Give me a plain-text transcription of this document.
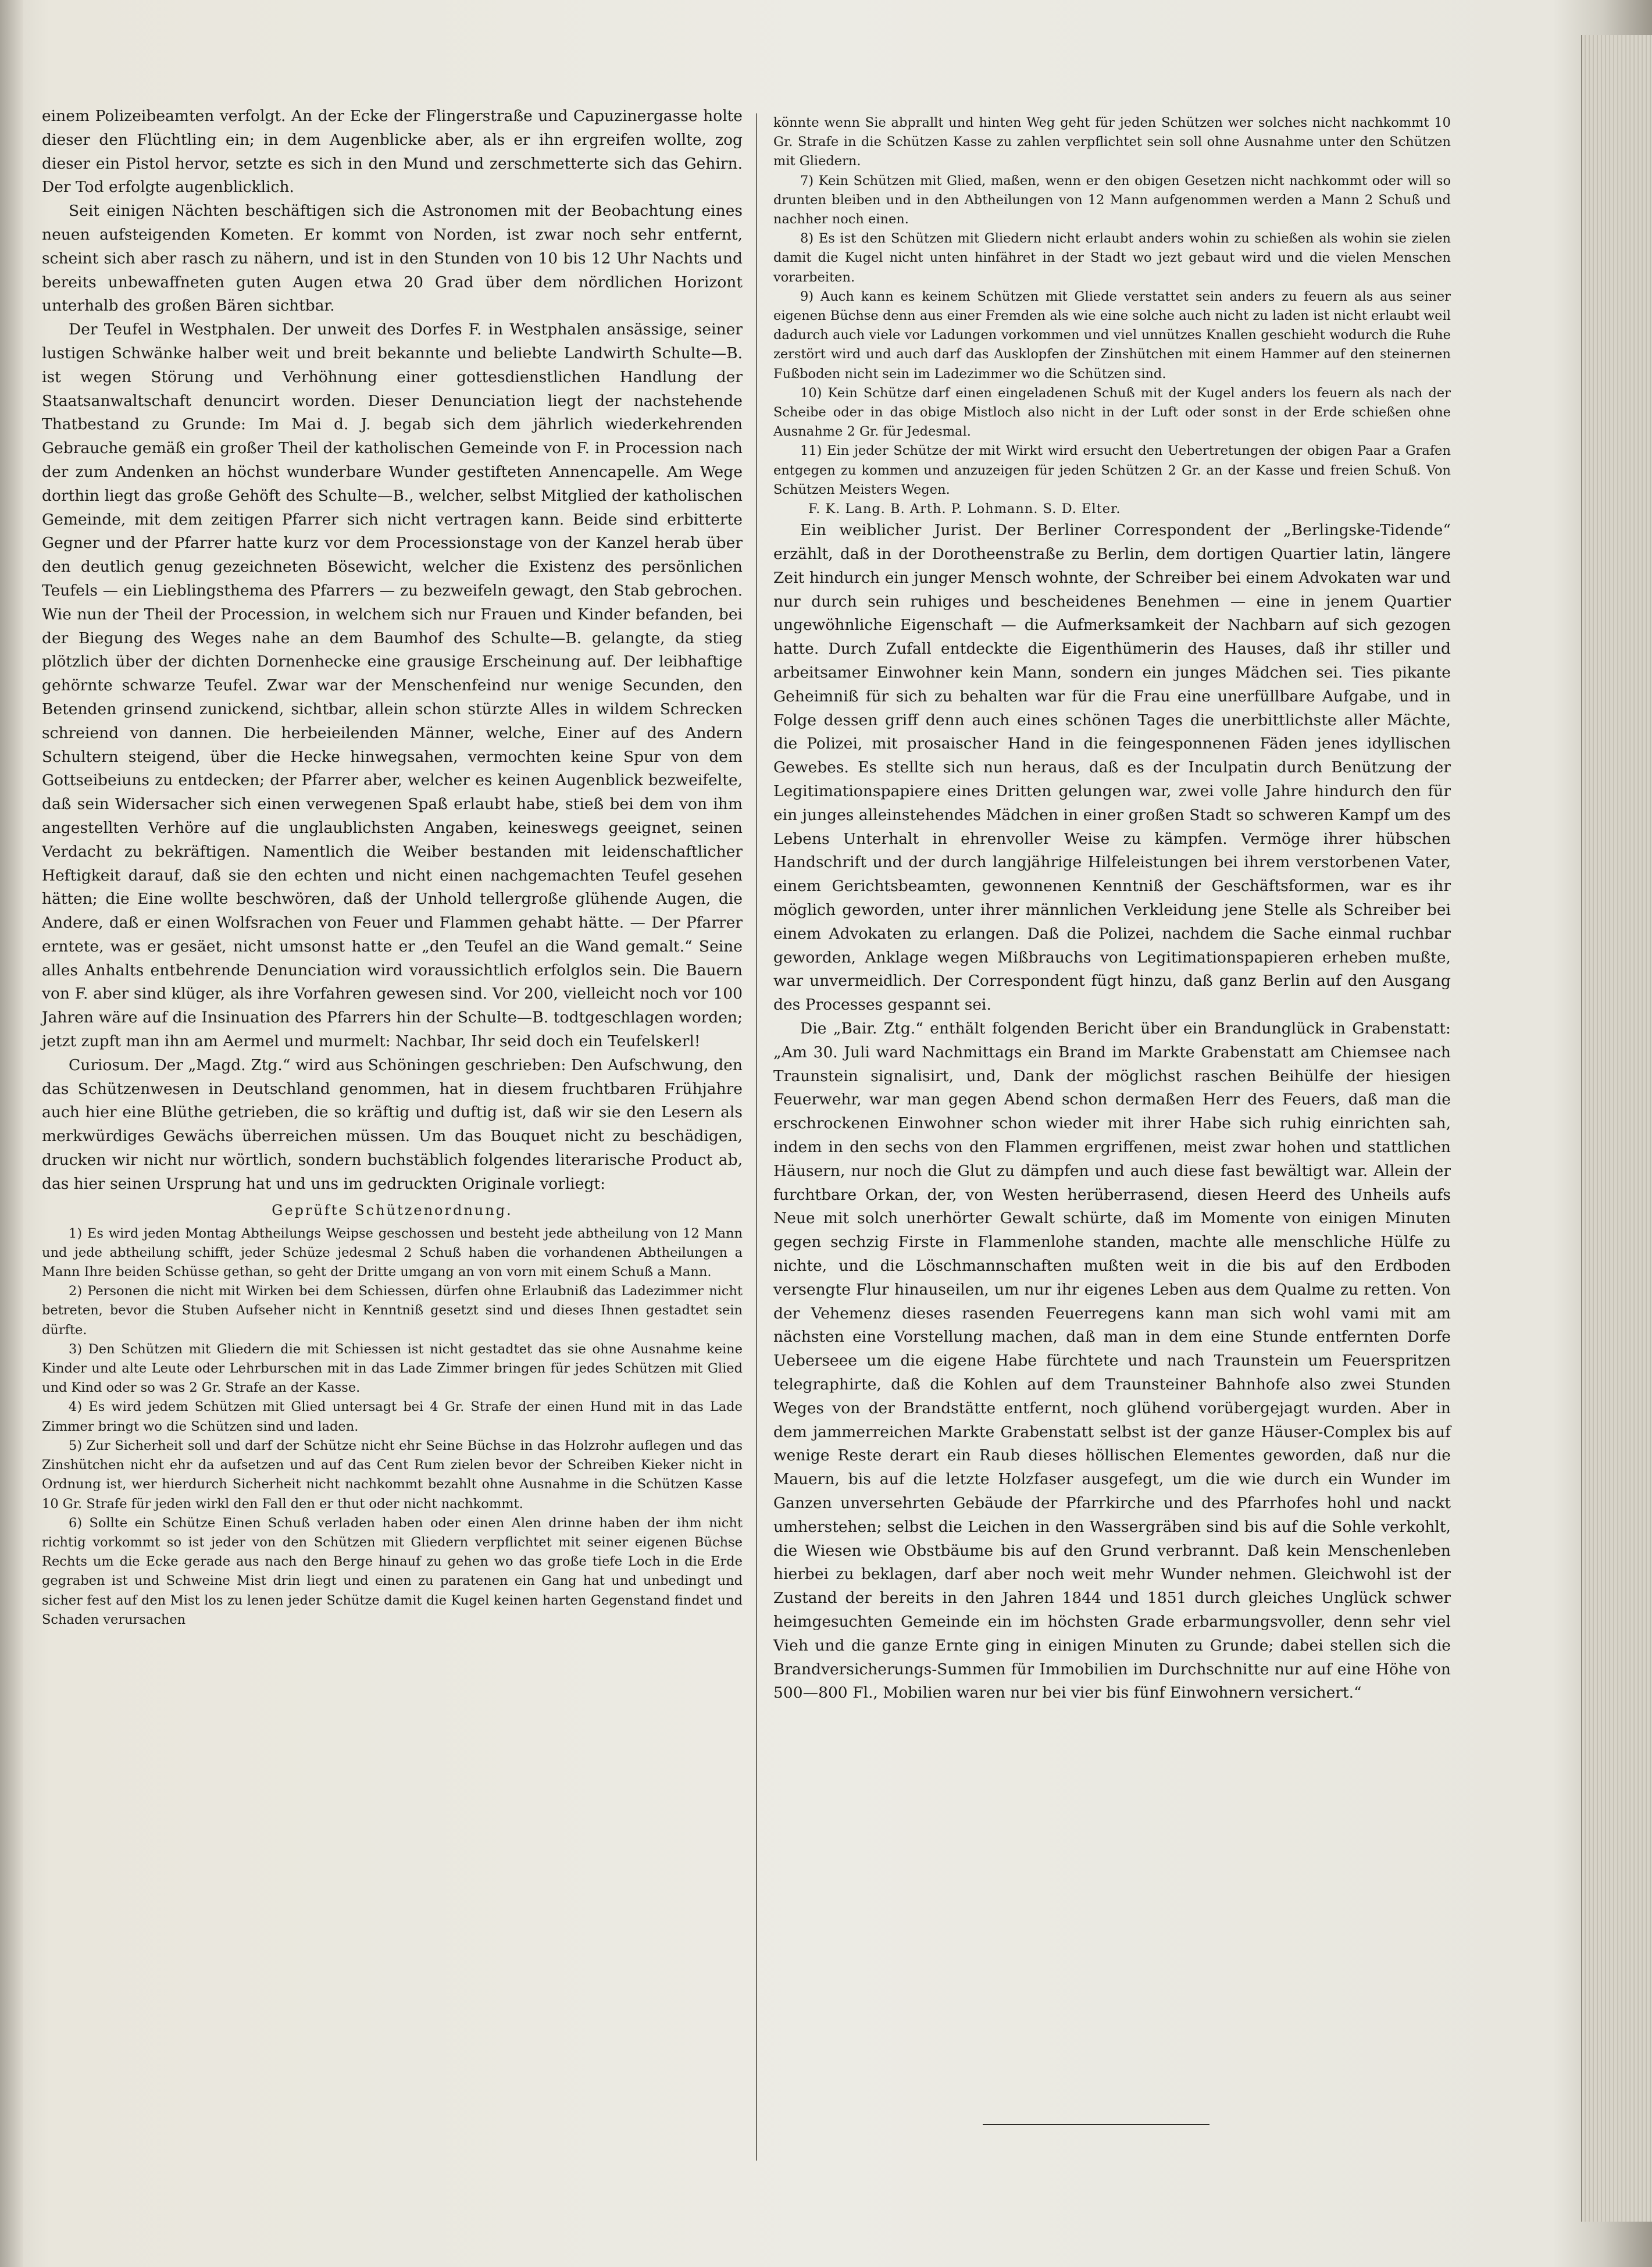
einem Polizeibeamten verfolgt. An der Ecke der Flingerstraße und Capuzinergasse holte dieser den Flüchtling ein; in dem Augenblicke aber, als er ihn ergreifen wollte, zog dieser ein Pistol hervor, setzte es sich in den Mund und zerschmetterte sich das Gehirn. Der Tod erfolgte augenblicklich.

Seit einigen Nächten beschäftigen sich die Astronomen mit der Beobachtung eines neuen aufsteigenden Kometen. Er kommt von Norden, ist zwar noch sehr entfernt, scheint sich aber rasch zu nähern, und ist in den Stunden von 10 bis 12 Uhr Nachts und bereits unbewaffneten guten Augen etwa 20 Grad über dem nördlichen Horizont unterhalb des großen Bären sichtbar.

Der Teufel in Westphalen. Der unweit des Dorfes F. in Westphalen ansässige, seiner lustigen Schwänke halber weit und breit bekannte und beliebte Landwirth Schulte—B. ist wegen Störung und Verhöhnung einer gottesdienstlichen Handlung der Staatsanwaltschaft denuncirt worden. Dieser Denunciation liegt der nachstehende Thatbestand zu Grunde: Im Mai d. J. begab sich dem jährlich wiederkehrenden Gebrauche gemäß ein großer Theil der katholischen Gemeinde von F. in Procession nach der zum Andenken an höchst wunderbare Wunder gestifteten Annencapelle. Am Wege dorthin liegt das große Gehöft des Schulte—B., welcher, selbst Mitglied der katholischen Gemeinde, mit dem zeitigen Pfarrer sich nicht vertragen kann. Beide sind erbitterte Gegner und der Pfarrer hatte kurz vor dem Processionstage von der Kanzel herab über den deutlich genug gezeichneten Bösewicht, welcher die Existenz des persönlichen Teufels — ein Lieblingsthema des Pfarrers — zu bezweifeln gewagt, den Stab gebrochen. Wie nun der Theil der Procession, in welchem sich nur Frauen und Kinder befanden, bei der Biegung des Weges nahe an dem Baumhof des Schulte—B. gelangte, da stieg plötzlich über der dichten Dornenhecke eine grausige Erscheinung auf. Der leibhaftige gehörnte schwarze Teufel. Zwar war der Menschenfeind nur wenige Secunden, den Betenden grinsend zunickend, sichtbar, allein schon stürzte Alles in wildem Schrecken schreiend von dannen. Die herbeieilenden Männer, welche, Einer auf des Andern Schultern steigend, über die Hecke hinwegsahen, vermochten keine Spur von dem Gottseibeiuns zu entdecken; der Pfarrer aber, welcher es keinen Augenblick bezweifelte, daß sein Widersacher sich einen verwegenen Spaß erlaubt habe, stieß bei dem von ihm angestellten Verhöre auf die unglaublichsten Angaben, keineswegs geeignet, seinen Verdacht zu bekräftigen. Namentlich die Weiber bestanden mit leidenschaftlicher Heftigkeit darauf, daß sie den echten und nicht einen nachgemachten Teufel gesehen hätten; die Eine wollte beschwören, daß der Unhold tellergroße glühende Augen, die Andere, daß er einen Wolfsrachen von Feuer und Flammen gehabt hätte. — Der Pfarrer erntete, was er gesäet, nicht umsonst hatte er „den Teufel an die Wand gemalt.“ Seine alles Anhalts entbehrende Denunciation wird voraussichtlich erfolglos sein. Die Bauern von F. aber sind klüger, als ihre Vorfahren gewesen sind. Vor 200, vielleicht noch vor 100 Jahren wäre auf die Insinuation des Pfarrers hin der Schulte—B. todtgeschlagen worden; jetzt zupft man ihn am Aermel und murmelt: Nachbar, Ihr seid doch ein Teufelskerl!

Curiosum. Der „Magd. Ztg.“ wird aus Schöningen geschrieben: Den Aufschwung, den das Schützenwesen in Deutschland genommen, hat in diesem fruchtbaren Frühjahre auch hier eine Blüthe getrieben, die so kräftig und duftig ist, daß wir sie den Lesern als merkwürdiges Gewächs überreichen müssen. Um das Bouquet nicht zu beschädigen, drucken wir nicht nur wörtlich, sondern buchstäblich folgendes literarische Product ab, das hier seinen Ursprung hat und uns im gedruckten Originale vorliegt:

Geprüfte Schützenordnung.

1) Es wird jeden Montag Abtheilungs Weipse geschossen und besteht jede abtheilung von 12 Mann und jede abtheilung schifft, jeder Schüze jedesmal 2 Schuß haben die vorhandenen Abtheilungen a Mann Ihre beiden Schüsse gethan, so geht der Dritte umgang an von vorn mit einem Schuß a Mann.

2) Personen die nicht mit Wirken bei dem Schiessen, dürfen ohne Erlaubniß das Ladezimmer nicht betreten, bevor die Stuben Aufseher nicht in Kenntniß gesetzt sind und dieses Ihnen gestadtet sein dürfte.

3) Den Schützen mit Gliedern die mit Schiessen ist nicht gestadtet das sie ohne Ausnahme keine Kinder und alte Leute oder Lehrburschen mit in das Lade Zimmer bringen für jedes Schützen mit Glied und Kind oder so was 2 Gr. Strafe an der Kasse.

4) Es wird jedem Schützen mit Glied untersagt bei 4 Gr. Strafe der einen Hund mit in das Lade Zimmer bringt wo die Schützen sind und laden.

5) Zur Sicherheit soll und darf der Schütze nicht ehr Seine Büchse in das Holzrohr auflegen und das Zinshütchen nicht ehr da aufsetzen und auf das Cent Rum zielen bevor der Schreiben Kieker nicht in Ordnung ist, wer hierdurch Sicherheit nicht nachkommt bezahlt ohne Ausnahme in die Schützen Kasse 10 Gr. Strafe für jeden wirkl den Fall den er thut oder nicht nachkommt.

6) Sollte ein Schütze Einen Schuß verladen haben oder einen Alen drinne haben der ihm nicht richtig vorkommt so ist jeder von den Schützen mit Gliedern verpflichtet mit seiner eigenen Büchse Rechts um die Ecke gerade aus nach den Berge hinauf zu gehen wo das große tiefe Loch in die Erde gegraben ist und Schweine Mist drin liegt und einen zu paratenen ein Gang hat und unbedingt und sicher fest auf den Mist los zu lenen jeder Schütze damit die Kugel keinen harten Gegenstand findet und Schaden verursachen

könnte wenn Sie abprallt und hinten Weg geht für jeden Schützen wer solches nicht nachkommt 10 Gr. Strafe in die Schützen Kasse zu zahlen verpflichtet sein soll ohne Ausnahme unter den Schützen mit Gliedern.

7) Kein Schützen mit Glied, maßen, wenn er den obigen Gesetzen nicht nachkommt oder will so drunten bleiben und in den Abtheilungen von 12 Mann aufgenommen werden a Mann 2 Schuß und nachher noch einen.

8) Es ist den Schützen mit Gliedern nicht erlaubt anders wohin zu schießen als wohin sie zielen damit die Kugel nicht unten hinfähret in der Stadt wo jezt gebaut wird und die vielen Menschen vorarbeiten.

9) Auch kann es keinem Schützen mit Gliede verstattet sein anders zu feuern als aus seiner eigenen Büchse denn aus einer Fremden als wie eine solche auch nicht zu laden ist nicht erlaubt weil dadurch auch viele vor Ladungen vorkommen und viel unnützes Knallen geschieht wodurch die Ruhe zerstört wird und auch darf das Ausklopfen der Zinshütchen mit einem Hammer auf den steinernen Fußboden nicht sein im Ladezimmer wo die Schützen sind.

10) Kein Schütze darf einen eingeladenen Schuß mit der Kugel anders los feuern als nach der Scheibe oder in das obige Mistloch also nicht in der Luft oder sonst in der Erde schießen ohne Ausnahme 2 Gr. für Jedesmal.

11) Ein jeder Schütze der mit Wirkt wird ersucht den Uebertretungen der obigen Paar a Grafen entgegen zu kommen und anzuzeigen für jeden Schützen 2 Gr. an der Kasse und freien Schuß. Von Schützen Meisters Wegen.

F. K. Lang. B. Arth. P. Lohmann. S. D. Elter.

Ein weiblicher Jurist. Der Berliner Correspondent der „Berlingske-Tidende“ erzählt, daß in der Dorotheenstraße zu Berlin, dem dortigen Quartier latin, längere Zeit hindurch ein junger Mensch wohnte, der Schreiber bei einem Advokaten war und nur durch sein ruhiges und bescheidenes Benehmen — eine in jenem Quartier ungewöhnliche Eigenschaft — die Aufmerksamkeit der Nachbarn auf sich gezogen hatte. Durch Zufall entdeckte die Eigenthümerin des Hauses, daß ihr stiller und arbeitsamer Einwohner kein Mann, sondern ein junges Mädchen sei. Ties pikante Geheimniß für sich zu behalten war für die Frau eine unerfüllbare Aufgabe, und in Folge dessen griff denn auch eines schönen Tages die unerbittlichste aller Mächte, die Polizei, mit prosaischer Hand in die feingesponnenen Fäden jenes idyllischen Gewebes. Es stellte sich nun heraus, daß es der Inculpatin durch Benützung der Legitimationspapiere eines Dritten gelungen war, zwei volle Jahre hindurch den für ein junges alleinstehendes Mädchen in einer großen Stadt so schweren Kampf um des Lebens Unterhalt in ehrenvoller Weise zu kämpfen. Vermöge ihrer hübschen Handschrift und der durch langjährige Hilfeleistungen bei ihrem verstorbenen Vater, einem Gerichtsbeamten, gewonnenen Kenntniß der Geschäftsformen, war es ihr möglich geworden, unter ihrer männlichen Verkleidung jene Stelle als Schreiber bei einem Advokaten zu erlangen. Daß die Polizei, nachdem die Sache einmal ruchbar geworden, Anklage wegen Mißbrauchs von Legitimationspapieren erheben mußte, war unvermeidlich. Der Correspondent fügt hinzu, daß ganz Berlin auf den Ausgang des Processes gespannt sei.

Die „Bair. Ztg.“ enthält folgenden Bericht über ein Brandunglück in Grabenstatt: „Am 30. Juli ward Nachmittags ein Brand im Markte Grabenstatt am Chiemsee nach Traunstein signalisirt, und, Dank der möglichst raschen Beihülfe der hiesigen Feuerwehr, war man gegen Abend schon dermaßen Herr des Feuers, daß man die erschrockenen Einwohner schon wieder mit ihrer Habe sich ruhig einrichten sah, indem in den sechs von den Flammen ergriffenen, meist zwar hohen und stattlichen Häusern, nur noch die Glut zu dämpfen und auch diese fast bewältigt war. Allein der furchtbare Orkan, der, von Westen herüberrasend, diesen Heerd des Unheils aufs Neue mit solch unerhörter Gewalt schürte, daß im Momente von einigen Minuten gegen sechzig Firste in Flammenlohe standen, machte alle menschliche Hülfe zu nichte, und die Löschmannschaften mußten weit in die bis auf den Erdboden versengte Flur hinauseilen, um nur ihr eigenes Leben aus dem Qualme zu retten. Von der Vehemenz dieses rasenden Feuerregens kann man sich wohl vami mit am nächsten eine Vorstellung machen, daß man in dem eine Stunde entfernten Dorfe Ueberseee um die eigene Habe fürchtete und nach Traunstein um Feuerspritzen telegraphirte, daß die Kohlen auf dem Traunsteiner Bahnhofe also zwei Stunden Weges von der Brandstätte entfernt, noch glühend vorübergejagt wurden. Aber in dem jammerreichen Markte Grabenstatt selbst ist der ganze Häuser-Complex bis auf wenige Reste derart ein Raub dieses höllischen Elementes geworden, daß nur die Mauern, bis auf die letzte Holzfaser ausgefegt, um die wie durch ein Wunder im Ganzen unversehrten Gebäude der Pfarrkirche und des Pfarrhofes hohl und nackt umherstehen; selbst die Leichen in den Wassergräben sind bis auf die Sohle verkohlt, die Wiesen wie Obstbäume bis auf den Grund verbrannt. Daß kein Menschenleben hierbei zu beklagen, darf aber noch weit mehr Wunder nehmen. Gleichwohl ist der Zustand der bereits in den Jahren 1844 und 1851 durch gleiches Unglück schwer heimgesuchten Gemeinde ein im höchsten Grade erbarmungsvoller, denn sehr viel Vieh und die ganze Ernte ging in einigen Minuten zu Grunde; dabei stellen sich die Brandversicherungs-Summen für Immobilien im Durchschnitte nur auf eine Höhe von 500—800 Fl., Mobilien waren nur bei vier bis fünf Einwohnern versichert.“
